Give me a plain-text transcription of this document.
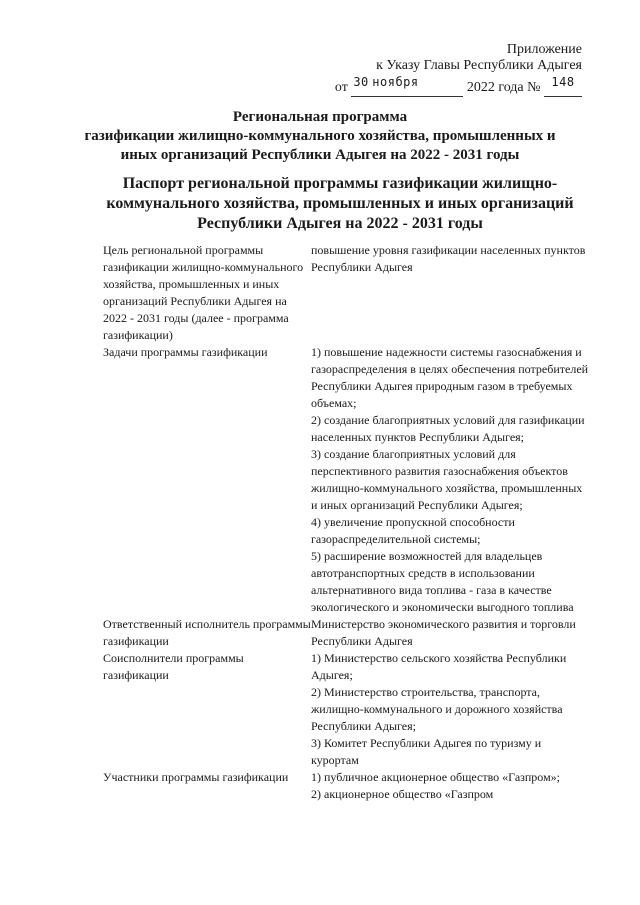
Приложение
к Указу Главы Республики Адыгея
от 30 ноября	2022 года № 148
Региональная программа
газификации жилищно-коммунального хозяйства, промышленных и
иных организаций Республики Адыгея на 2022 - 2031 годы
Паспорт региональной программы газификации жилищно-
коммунального хозяйства, промышленных и иных организаций
Республики Адыгея на 2022 - 2031 годы
Цель региональной программы газификации жилищно-коммунального хозяйства, промышленных и иных организаций Республики Адыгея на 2022 - 2031 годы (далее - программа газификации)	повышение уровня газификации населенных пунктов Республики Адыгея

Задачи программы газификации	1) повышение надежности системы газоснабжения и газораспределения в целях обеспечения потребителей Республики Адыгея природным газом в требуемых объемах;
2) создание благоприятных условий для газификации населенных пунктов Республики Адыгея;
3) создание благоприятных условий для перспективного развития газоснабжения объектов жилищно-коммунального хозяйства, промышленных и иных организаций Республики Адыгея;
4) увеличение пропускной способности газораспределительной системы;
5) расширение возможностей для владельцев автотранспортных средств в использовании альтернативного вида топлива - газа в качестве экологического и экономически выгодного топлива

Ответственный исполнитель программы газификации	Министерство экономического развития и торговли Республики Адыгея

Соисполнители программы газификации	1) Министерство сельского хозяйства Республики Адыгея;
2) Министерство строительства, транспорта, жилищно-коммунального и дорожного хозяйства Республики Адыгея;
3) Комитет Республики Адыгея по туризму и курортам

Участники программы газификации	1) публичное акционерное общество «Газпром»;
2) акционерное общество «Газпром
